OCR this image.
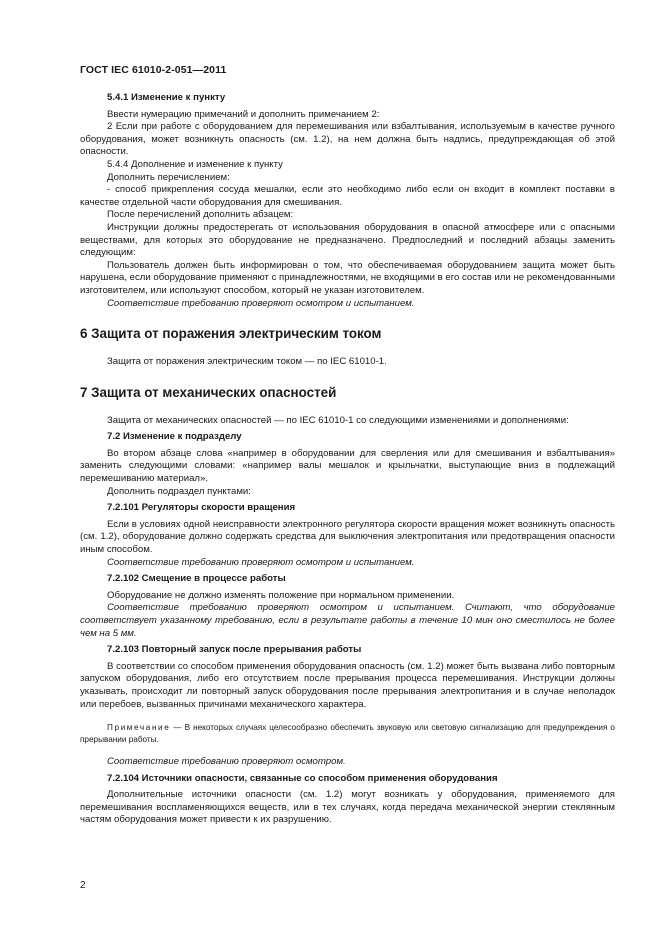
ГОСТ IEC 61010-2-051—2011

5.4.1 Изменение к пункту

Ввести нумерацию примечаний и дополнить примечанием 2:

2 Если при работе с оборудованием для перемешивания или взбалтывания, используемым в качестве ручного оборудования, может возникнуть опасность (см. 1.2), на нем должна быть надпись, предупреждающая об этой опасности.

5.4.4 Дополнение и изменение к пункту

Дополнить перечислением:

- способ прикрепления сосуда мешалки, если это необходимо либо если он входит в комплект поставки в качестве отдельной части оборудования для смешивания.

После перечислений дополнить абзацем:

Инструкции должны предостерегать от использования оборудования в опасной атмосфере или с опасными веществами, для которых это оборудование не предназначено. Предпоследний и последний абзацы заменить следующим:

Пользователь должен быть информирован о том, что обеспечиваемая оборудованием защита может быть нарушена, если оборудование применяют с принадлежностями, не входящими в его состав или не рекомендованными изготовителем, или используют способом, который не указан изготовителем.

Соответствие требованию проверяют осмотром и испытанием.

6 Защита от поражения электрическим током

Защита от поражения электрическим током — по IEC 61010-1.

7 Защита от механических опасностей

Защита от механических опасностей — по IEC 61010-1 со следующими изменениями и дополнениями:

7.2 Изменение к подразделу

Во втором абзаце слова «например в оборудовании для сверления или для смешивания и взбалтывания» заменить следующими словами: «например валы мешалок и крыльчатки, выступающие вниз в подлежащий перемешиванию материал».

Дополнить подраздел пунктами:

7.2.101 Регуляторы скорости вращения

Если в условиях одной неисправности электронного регулятора скорости вращения может возникнуть опасность (см. 1.2), оборудование должно содержать средства для выключения электропитания или предотвращения опасности иным способом.

Соответствие требованию проверяют осмотром и испытанием.

7.2.102 Смещение в процессе работы

Оборудование не должно изменять положение при нормальном применении.

Соответствие требованию проверяют осмотром и испытанием. Считают, что оборудование соответствует указанному требованию, если в результате работы в течение 10 мин оно сместилось не более чем на 5 мм.

7.2.103 Повторный запуск после прерывания работы

В соответствии со способом применения оборудования опасность (см. 1.2) может быть вызвана либо повторным запуском оборудования, либо его отсутствием после прерывания процесса перемешивания. Инструкции должны указывать, происходит ли повторный запуск оборудования после прерывания электропитания и в случае неполадок или перебоев, вызванных причинами механического характера.

Примечание — В некоторых случаях целесообразно обеспечить звуковую или световую сигнализацию для предупреждения о прерывании работы.

Соответствие требованию проверяют осмотром.

7.2.104 Источники опасности, связанные со способом применения оборудования

Дополнительные источники опасности (см. 1.2) могут возникать у оборудования, применяемого для перемешивания воспламеняющихся веществ, или в тех случаях, когда передача механической энергии стеклянным частям оборудования может привести к их разрушению.

2
